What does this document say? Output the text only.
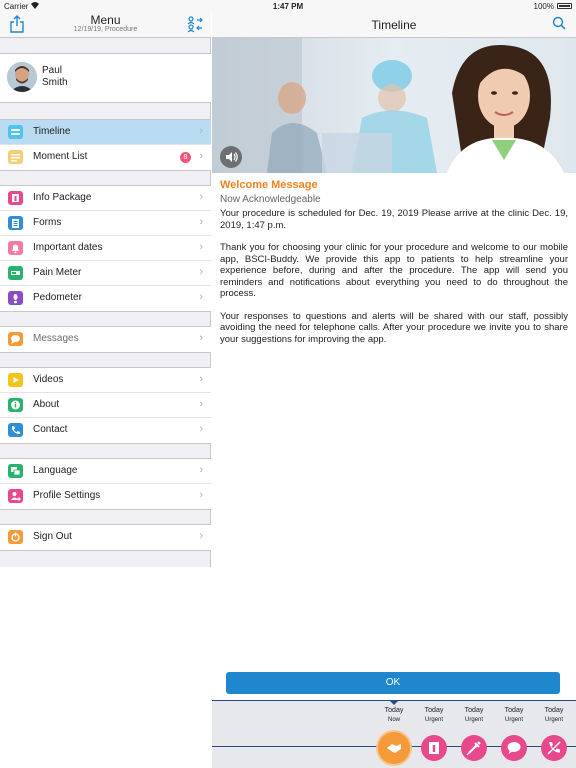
Carrier	1:47 PM	100%
Menu
12/19/19, Procedure
Paul
Smith
Timeline	›
Moment List	8	›
Info Package	›
Forms	›
Important dates	›
Pain Meter	›
Pedometer	›
Messages	›
Videos	›
About	›
Contact	›
Language	›
Profile Settings	›
Sign Out	›
Timeline
Welcome Message
Now Acknowledgeable

Your procedure is scheduled for Dec. 19, 2019 Please arrive at the clinic Dec. 19, 2019, 1:47 p.m.

Thank you for choosing your clinic for your procedure and welcome to our mobile app, BSCI-Buddy. We provide this app to patients to help streamline your experience before, during and after the procedure. The app will send you reminders and notifications about everything you need to do throughout the process.

Your responses to questions and alerts will be shared with our staff, possibly avoiding the need for telephone calls. After your procedure we invite you to share your suggestions for improving the app.

OK
Today
Now
Today
Urgent
Today
Urgent
Today
Urgent
Today
Urgent
